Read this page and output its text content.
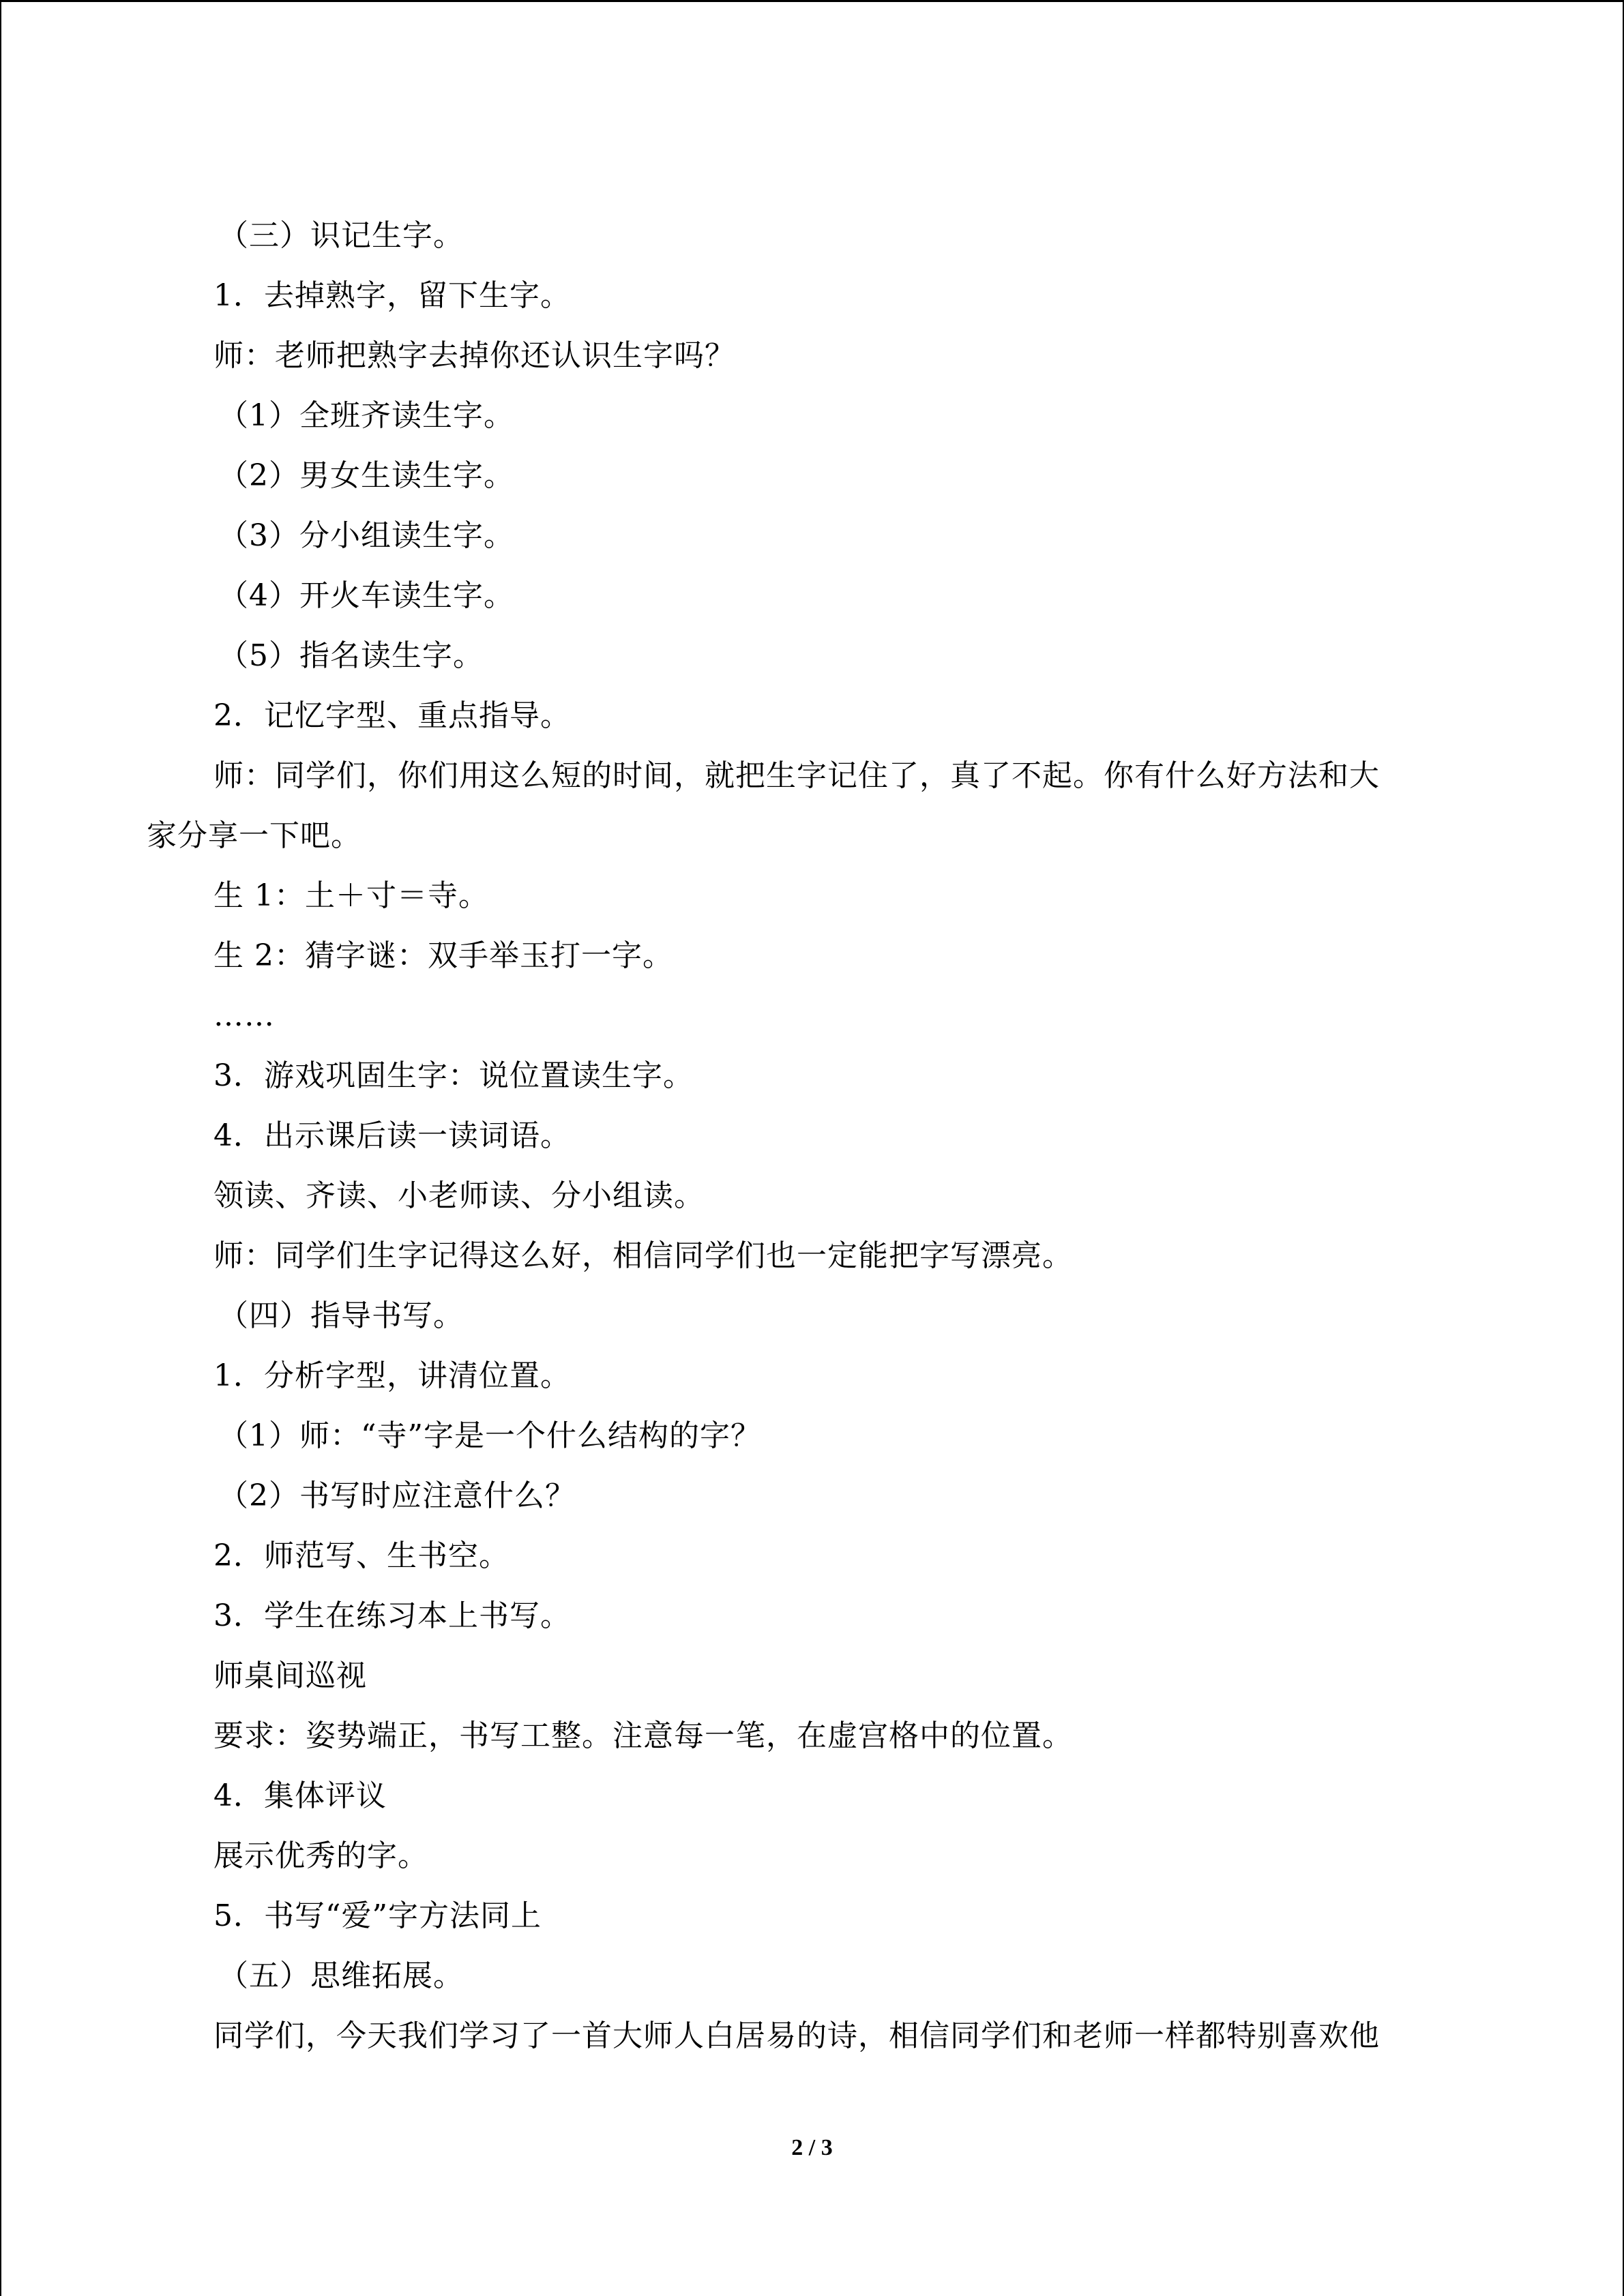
（三）识记生字。
1．去掉熟字，留下生字。
师：老师把熟字去掉你还认识生字吗？
（1）全班齐读生字。
（2）男女生读生字。
（3）分小组读生字。
（4）开火车读生字。
（5）指名读生字。
2．记忆字型、重点指导。
师：同学们，你们用这么短的时间，就把生字记住了，真了不起。你有什么好方法和大
家分享一下吧。
生 1：土＋寸＝寺。
生 2：猜字谜：双手举玉打一字。
……
3．游戏巩固生字：说位置读生字。
4．出示课后读一读词语。
领读、齐读、小老师读、分小组读。
师：同学们生字记得这么好，相信同学们也一定能把字写漂亮。
（四）指导书写。
1．分析字型，讲清位置。
（1）师：“寺”字是一个什么结构的字？
（2）书写时应注意什么？
2．师范写、生书空。
3．学生在练习本上书写。
师桌间巡视
要求：姿势端正，书写工整。注意每一笔，在虚宫格中的位置。
4．集体评议
展示优秀的字。
5．书写“爱”字方法同上
（五）思维拓展。
同学们，今天我们学习了一首大师人白居易的诗，相信同学们和老师一样都特别喜欢他
2 / 3
